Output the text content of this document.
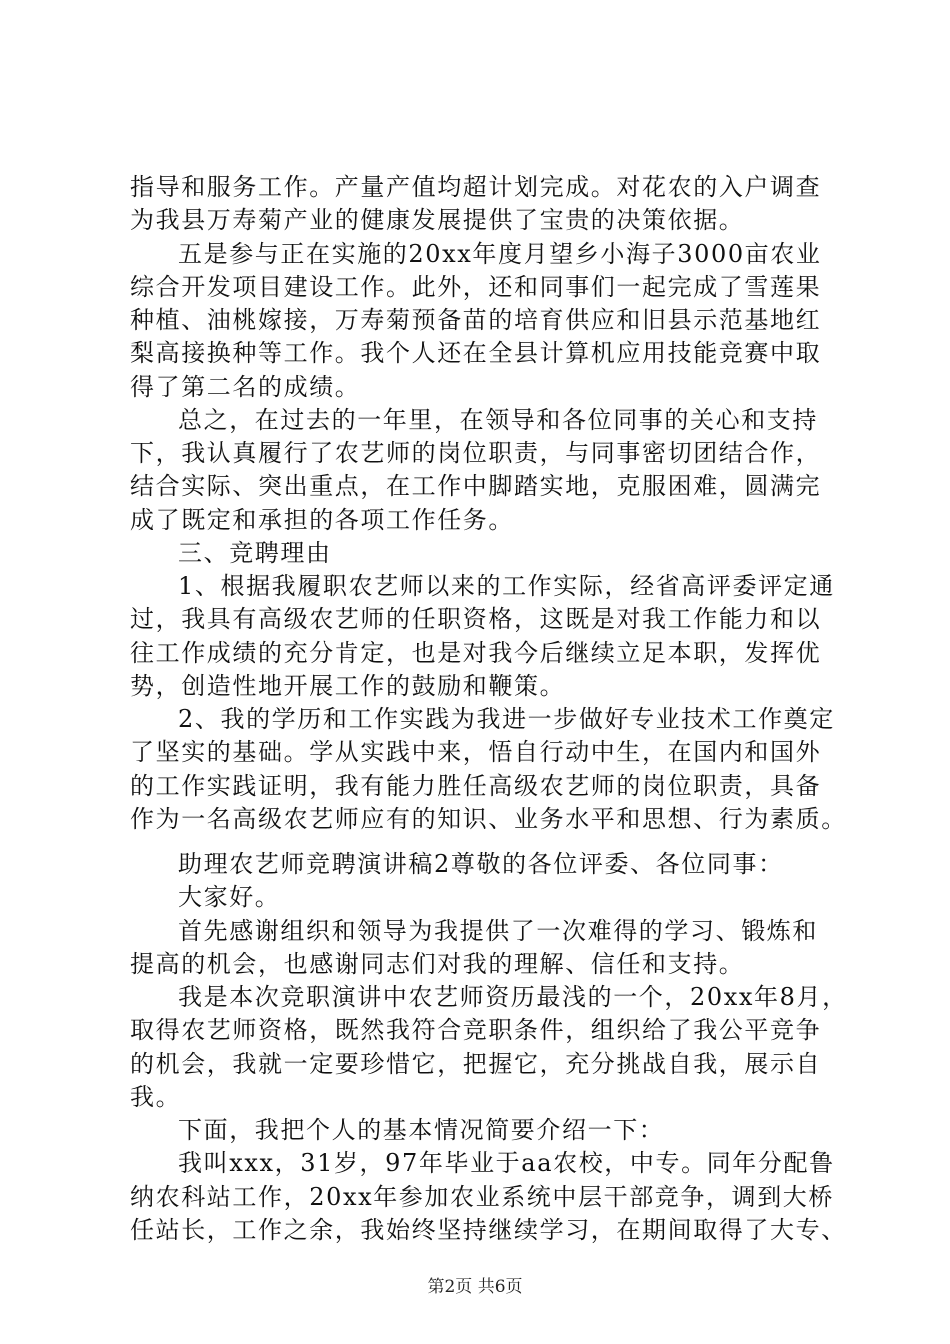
第2页 共6页
指导和服务工作。产量产值均超计划完成。对花农的入户调查
为我县万寿菊产业的健康发展提供了宝贵的决策依据。
五是参与正在实施的20xx年度月望乡小海子3000亩农业
综合开发项目建设工作。此外，还和同事们一起完成了雪莲果
种植、油桃嫁接，万寿菊预备苗的培育供应和旧县示范基地红
梨高接换种等工作。我个人还在全县计算机应用技能竞赛中取
得了第二名的成绩。
总之，在过去的一年里，在领导和各位同事的关心和支持
下，我认真履行了农艺师的岗位职责，与同事密切团结合作，
结合实际、突出重点，在工作中脚踏实地，克服困难，圆满完
成了既定和承担的各项工作任务。
三、竞聘理由
1、根据我履职农艺师以来的工作实际，经省高评委评定通
过，我具有高级农艺师的任职资格，这既是对我工作能力和以
往工作成绩的充分肯定，也是对我今后继续立足本职，发挥优
势，创造性地开展工作的鼓励和鞭策。
2、我的学历和工作实践为我进一步做好专业技术工作奠定
了坚实的基础。学从实践中来，悟自行动中生，在国内和国外
的工作实践证明，我有能力胜任高级农艺师的岗位职责，具备
作为一名高级农艺师应有的知识、业务水平和思想、行为素质。
助理农艺师竞聘演讲稿2尊敬的各位评委、各位同事：
大家好。
首先感谢组织和领导为我提供了一次难得的学习、锻炼和
提高的机会，也感谢同志们对我的理解、信任和支持。
我是本次竞职演讲中农艺师资历最浅的一个，20xx年8月，
取得农艺师资格，既然我符合竞职条件，组织给了我公平竞争
的机会，我就一定要珍惜它，把握它，充分挑战自我，展示自
我。
下面，我把个人的基本情况简要介绍一下：
我叫xxx，31岁，97年毕业于aa农校，中专。同年分配鲁
纳农科站工作，20xx年参加农业系统中层干部竞争，调到大桥
任站长，工作之余，我始终坚持继续学习，在期间取得了大专、
